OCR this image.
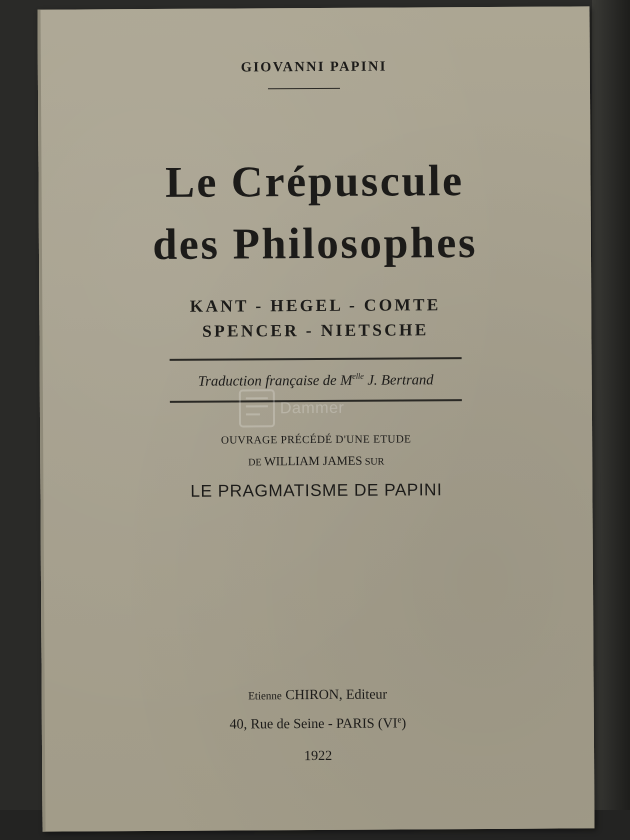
GIOVANNI PAPINI
Le Crépuscule
des Philosophes
KANT - HEGEL - COMTE
SPENCER - NIETSCHE
Traduction française de $M^{elle}$ J. Bertrand
Dammer
OUVRAGE PRÉCÉDÉ D'UNE ETUDE
DE WILLIAM JAMES SUR
LE PRAGMATISME DE PAPINI
Etienne CHIRON, Editeur
40, Rue de Seine - PARIS (VIe)
1922
